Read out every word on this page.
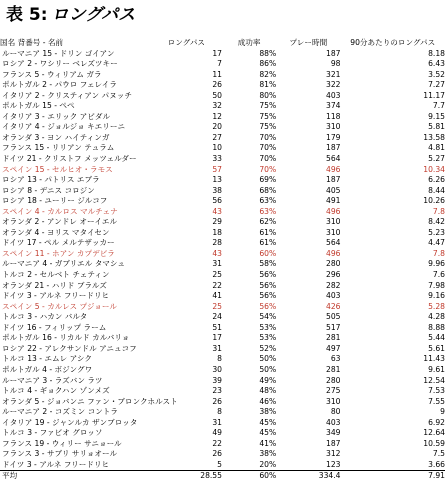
表 5: ロングパス
国名 背番号 - 名前	ロングパス	成功率	プレー時間	90分あたりのロングパス
ルーマニア 15 - ドリン ゴイアン	17	88%	187	8.18
ロシア 2 - ワシリー ベレズツキー	7	86%	98	6.43
フランス 5 - ウィリアム ガラ	11	82%	321	3.52
ポルトガル 2 - パウロ フェレイラ	26	81%	322	7.27
イタリア 2 - クリスティアン パヌッチ	50	80%	403	11.17
ポルトガル 15 - ぺぺ	32	75%	374	7.7
イタリア 3 - エリック アビダル	12	75%	118	9.15
イタリア 4 - ジョルジョ キエリーニ	20	75%	310	5.81
オランダ 3 - ヨン ハイティンガ	27	70%	179	13.58
フランス 15 - リリアン テュラム	10	70%	187	4.81
ドイツ 21 - クリストフ メッツェルダー	33	70%	564	5.27
スペイン 15 - セルヒオ・ラモス	57	70%	496	10.34
ロシア 13 - パトリス エブラ	13	69%	187	6.26
ロシア 8 - デニス コロジン	38	68%	405	8.44
ロシア 18 - ユーリー ジルコフ	56	63%	491	10.26
スペイン 4 - カルロス マルチェナ	43	63%	496	7.8
オランダ 2 - アンドレ オーイエル	29	62%	310	8.42
オランダ 4 - ヨリス マタイセン	18	61%	310	5.23
ドイツ 17 - ペル メルテザッカー	28	61%	564	4.47
スペイン 11 - ホアン カプデビラ	43	60%	496	7.8
ルーマニア 4 - ガブリエル タマシュ	31	58%	280	9.96
トルコ 2 - セルベト チェティン	25	56%	296	7.6
オランダ 21 - ハリド ブラルズ	22	56%	282	7.98
ドイツ 3 - アルネ フリードリヒ	41	56%	403	9.16
スペイン 5 - カルレス プジョール	25	56%	426	5.28
トルコ 3 - ハカン バルタ	24	54%	505	4.28
ドイツ 16 - フィリップ ラーム	51	53%	517	8.88
ポルトガル 16 - リカルド カルバリョ	17	53%	281	5.44
ロシア 22 - アレクサンドル アニュコフ	31	52%	497	5.61
トルコ 13 - エムレ アシク	8	50%	63	11.43
ポルトガル 4 - ボジングワ	30	50%	281	9.61
ルーマニア 3 - ラズバン ラツ	39	49%	280	12.54
トルコ 4 - ギョクハン ゾンメズ	23	48%	275	7.53
オランダ 5 - ジョバンニ ファン・ブロンクホルスト	26	46%	310	7.55
ルーマニア 2 - コズミン コントラ	8	38%	80	9
イタリア 19 - ジャンルカ ザンブロッタ	31	45%	403	6.92
トルコ 3 - ファビオ グロッソ	49	45%	349	12.64
フランス 19 - ウィリー サニョール	22	41%	187	10.59
フランス 3 - サブリ サリョオール	26	38%	312	7.5
ドイツ 3 - アルネ フリードリヒ	5	20%	123	3.66
平均	28.55	60%	334.4	7.91
